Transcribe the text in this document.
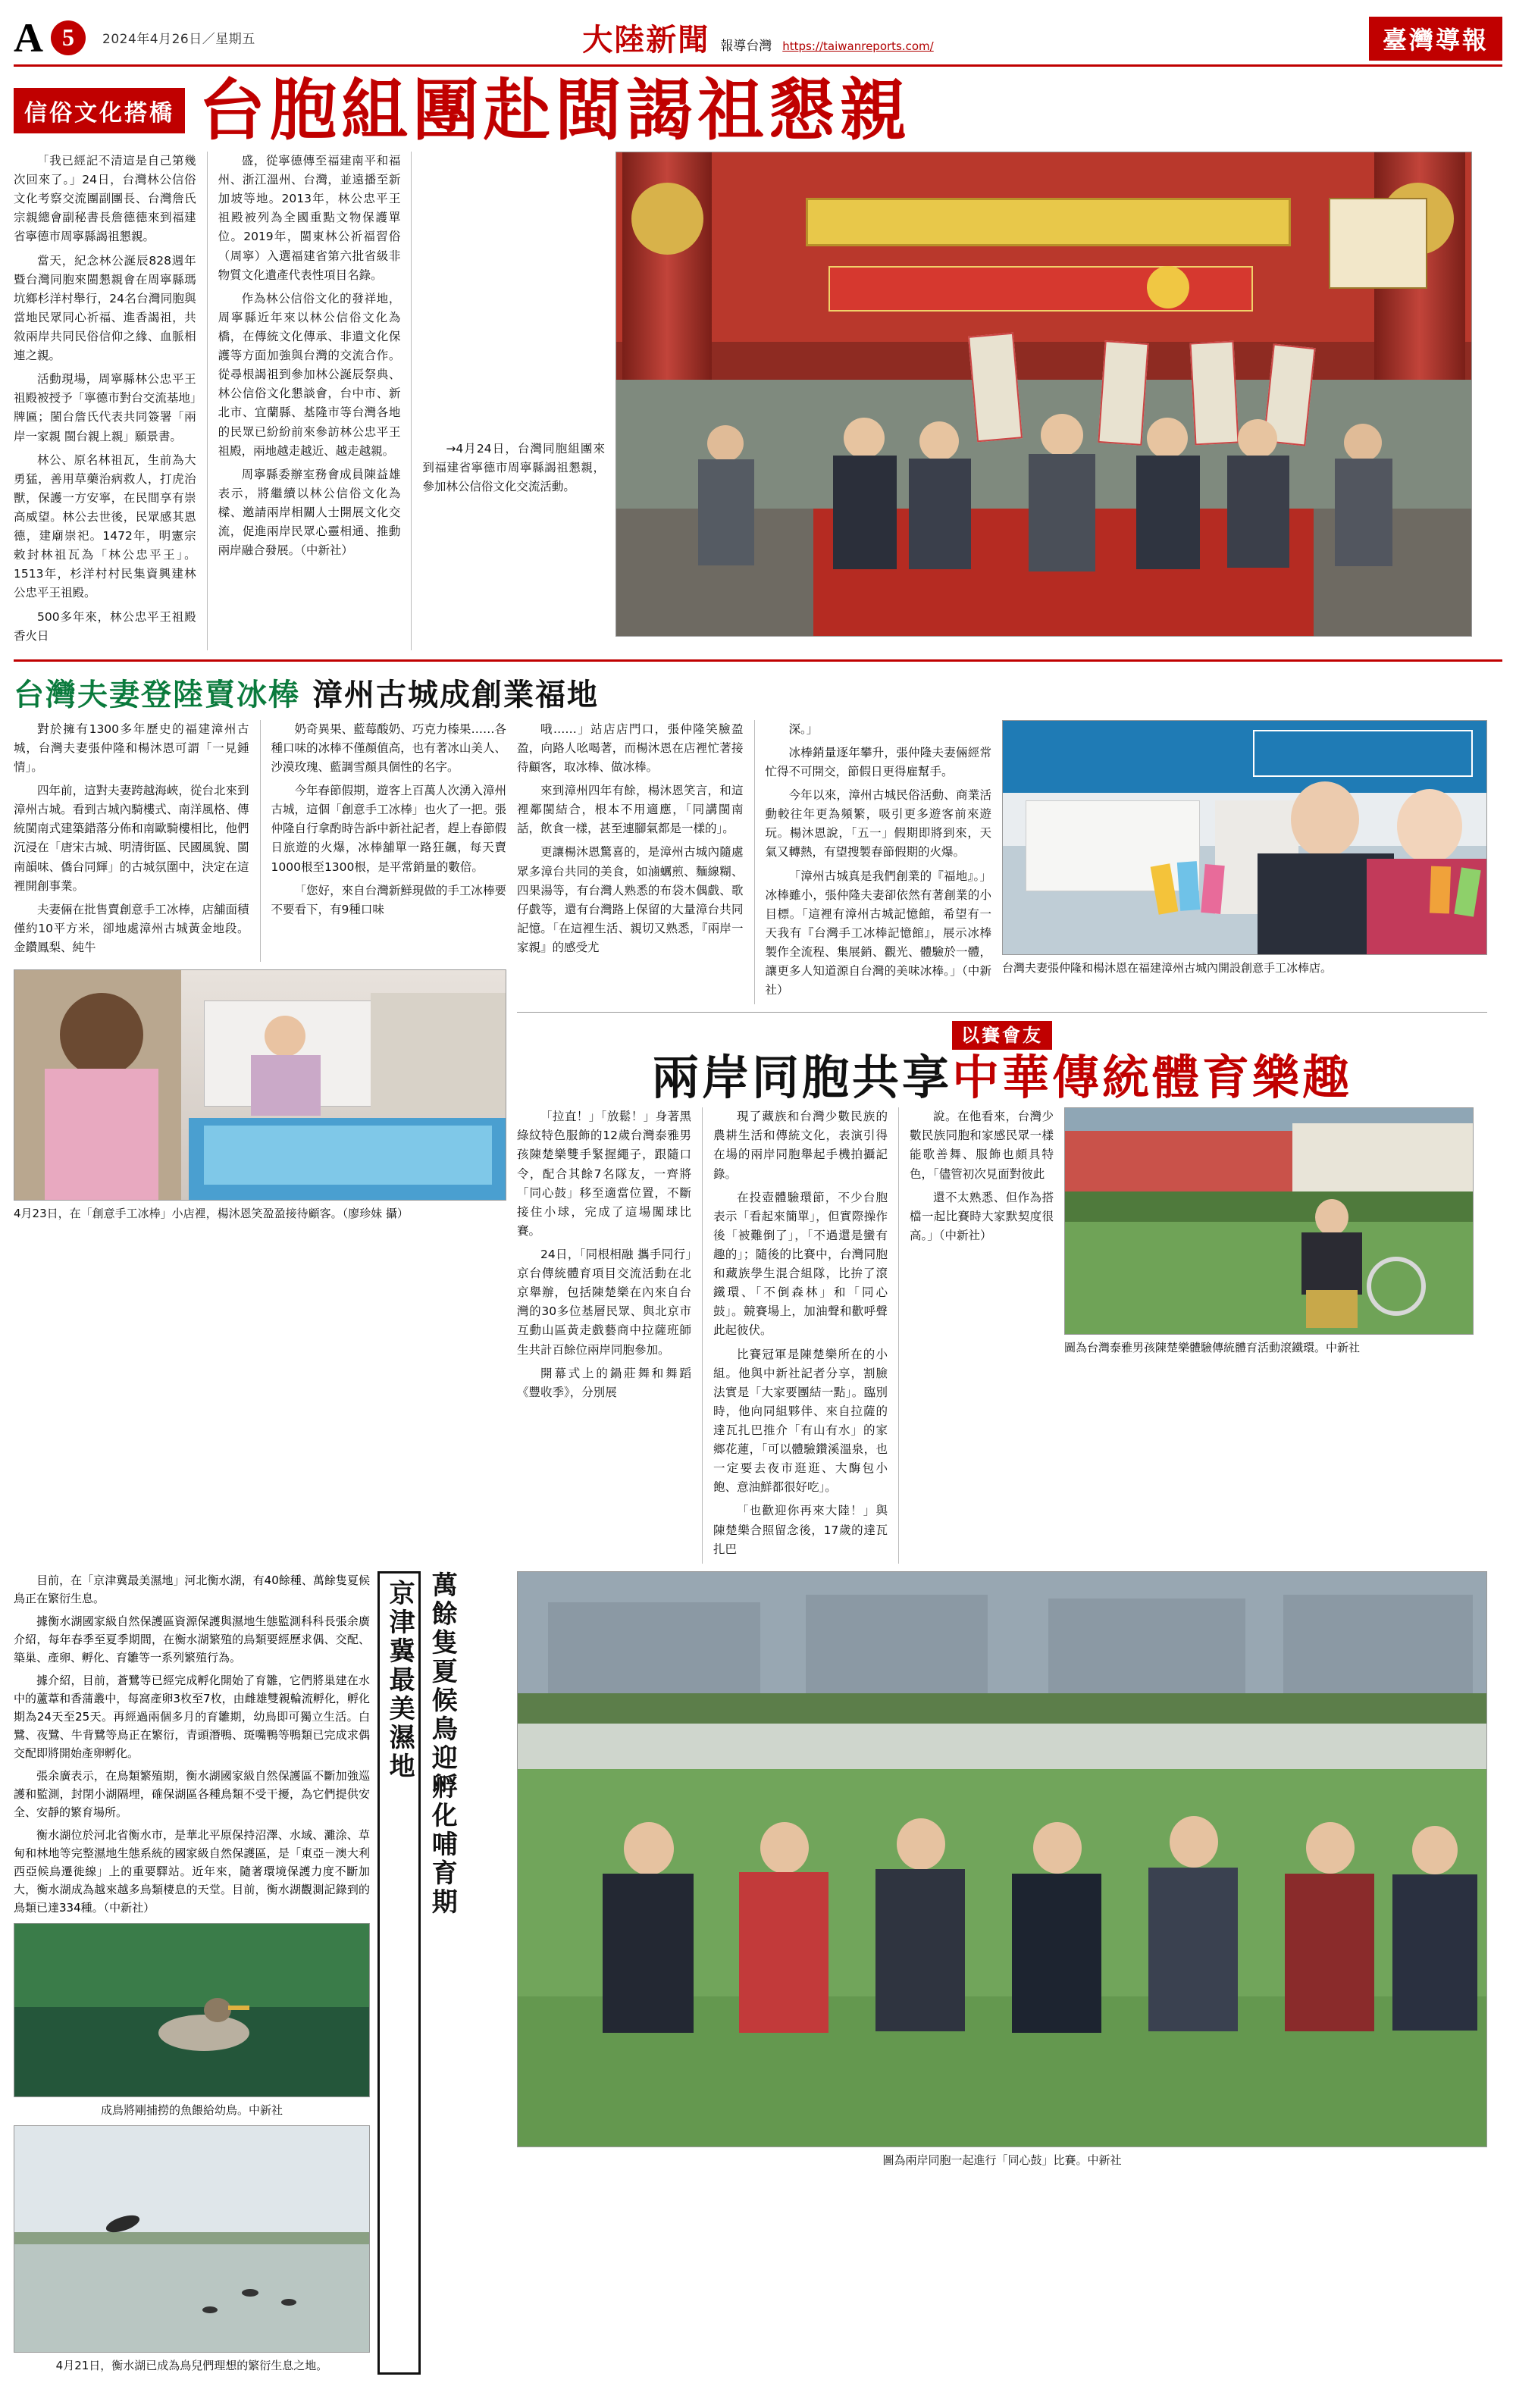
A 5	2024年4月26日／星期五	大陸新聞 報導台灣 https://taiwanreports.com/	臺灣導報
信俗文化搭橋 台胞組團赴閩謁祖懇親

「我已經記不清這是自己第幾次回來了。」24日，台灣林公信俗文化考察交流團副團長、台灣詹氏宗親總會副秘書長詹德德來到福建省寧德市周寧縣謁祖懇親。

當天，紀念林公誕辰828週年暨台灣同胞來閩懇親會在周寧縣瑪坑鄉杉洋村舉行，24名台灣同胞與當地民眾同心祈福、進香謁祖，共敘兩岸共同民俗信仰之緣、血脈相連之親。

活動現場，周寧縣林公忠平王祖殿被授予「寧德市對台交流基地」牌匾；閩台詹氏代表共同簽署「兩岸一家親 閩台親上親」願景書。

林公、原名林祖瓦，生前為大勇猛，善用草藥治病救人，打虎治獸，保護一方安寧，在民間享有崇高威望。林公去世後，民眾感其恩德，建廟崇祀。1472年，明憲宗敕封林祖瓦為「林公忠平王」。1513年，杉洋村村民集資興建林公忠平王祖殿。

500多年來，林公忠平王祖殿香火日

盛，從寧德傳至福建南平和福州、浙江溫州、台灣，並遠播至新加坡等地。2013年，林公忠平王祖殿被列為全國重點文物保護單位。2019年，閩東林公祈福習俗（周寧）入選福建省第六批省級非物質文化遺產代表性項目名錄。

作為林公信俗文化的發祥地，周寧縣近年來以林公信俗文化為橋，在傳統文化傳承、非遺文化保護等方面加強與台灣的交流合作。從尋根謁祖到參加林公誕辰祭典、林公信俗文化懇談會，台中市、新北市、宜蘭縣、基隆市等台灣各地的民眾已紛紛前來參訪林公忠平王祖殿，兩地越走越近、越走越親。

周寧縣委辦室務會成員陳益雄表示，將繼續以林公信俗文化為樑、邀請兩岸相關人士開展文化交流，促進兩岸民眾心靈相通、推動兩岸融合發展。（中新社）

→4月24日，台灣同胞組團來到福建省寧德市周寧縣謁祖懇親，參加林公信俗文化交流活動。

台灣夫妻登陸賣冰棒 漳州古城成創業福地

對於擁有1300多年歷史的福建漳州古城，台灣夫妻張仲隆和楊沐恩可謂「一見鍾情」。

四年前，這對夫妻跨越海峽，從台北來到漳州古城。看到古城內騎樓式、南洋風格、傳統閩南式建築錯落分佈和南歐騎樓相比，他們沉浸在「唐宋古城、明清街區、民國風貌、閩南韻味、僑台同輝」的古城氛圍中，決定在這裡開創事業。

夫妻倆在批售賣創意手工冰棒，店舖面積僅約10平方米，卻地處漳州古城黃金地段。金鑽鳳梨、純牛

奶奇異果、藍莓酸奶、巧克力榛果……各種口味的冰棒不僅顏值高，也有著冰山美人、沙漠玫瑰、藍調雪顏具個性的名字。

今年春節假期，遊客上百萬人次湧入漳州古城，這個「創意手工冰棒」也火了一把。張仲隆自行拿酌時告訴中新社記者，趕上春節假日旅遊的火爆，冰棒舖單一路狂飆，每天賣1000根至1300根，是平常銷量的數倍。

「您好，來自台灣新鮮現做的手工冰棒要不要看下，有9種口味

4月23日，在「創意手工冰棒」小店裡，楊沐恩笑盈盈接待顧客。（廖珍妹 攝）

哦……」站店店門口，張仲隆笑臉盈盈，向路人吆喝著，而楊沐恩在店裡忙著接待顧客，取冰棒、做冰棒。

來到漳州四年有餘，楊沐恩笑言，和這裡鄰閩結合，根本不用適應，「同講閩南話，飲食一樣，甚至連腳氣都是一樣的」。

更讓楊沐恩驚喜的，是漳州古城內隨處眾多漳台共同的美食，如滷蠣煎、麵線糊、四果湯等，有台灣人熟悉的布袋木偶戲、歌仔戲等，還有台灣路上保留的大量漳台共同記憶。「在這裡生活、親切又熟悉，『兩岸一家親』的感受尤

深。」

冰棒銷量逐年攀升，張仲隆夫妻倆經常忙得不可開交，節假日更得雇幫手。

今年以來，漳州古城民俗活動、商業活動較往年更為頻繁，吸引更多遊客前來遊玩。楊沐恩說，「五一」假期即將到來，天氣又轉熱，有望搜製春節假期的火爆。

「漳州古城真是我們創業的『福地』。」冰棒雖小，張仲隆夫妻卻依然有著創業的小目標。「這裡有漳州古城記憶館，希望有一天我有『台灣手工冰棒記憶館』，展示冰棒製作全流程、集展銷、觀光、體驗於一體，讓更多人知道源自台灣的美味冰棒。」（中新社）

台灣夫妻張仲隆和楊沐恩在福建漳州古城內開設創意手工冰棒店。
以賽會友
兩岸同胞共享中華傳統體育樂趣

「拉直！」「放鬆！」身著黑綠紋特色服飾的12歲台灣泰雅男孩陳楚樂雙手緊握繩子，跟隨口令，配合其餘7名隊友，一齊將「同心鼓」移至適當位置，不斷接住小球，完成了這場闖球比賽。

24日，「同根相融 攜手同行」京台傳統體育項目交流活動在北京舉辦，包括陳楚樂在內來自台灣的30多位基層民眾、與北京市互動山區黃走戲藝商中拉薩班師生共計百餘位兩岸同胞參加。

開幕式上的鍋莊舞和舞蹈《豐收季》，分別展

現了藏族和台灣少數民族的農耕生活和傳統文化，表演引得在場的兩岸同胞舉起手機拍攝記錄。

在投壺體驗環節，不少台胞表示「看起來簡單」，但實際操作後「被難倒了」，「不過還是蠻有趣的」；隨後的比賽中，台灣同胞和藏族學生混合組隊，比拚了滾鐵環、「不倒森林」和「同心鼓」。競賽場上，加油聲和歡呼聲此起彼伏。

比賽冠軍是陳楚樂所在的小組。他與中新社記者分享，割臉法實是「大家要團結一點」。臨別時，他向同組夥伴、來自拉薩的達瓦扎巴推介「有山有水」的家鄉花蓮，「可以體驗鑽溪溫泉，也一定要去夜市逛逛、大酶包小飽、意油鮮都很好吃」。

「也歡迎你再來大陸！」與陳楚樂合照留念後，17歲的達瓦扎巴

說。在他看來，台灣少數民族同胞和家感民眾一樣能歌善舞、服飾也頗具特色，「儘管初次見面對彼此

還不太熟悉、但作為搭檔一起比賽時大家默契度很高。」（中新社）

圖為台灣泰雅男孩陳楚樂體驗傳統體育活動滾鐵環。中新社
京津冀最美濕地 萬餘隻夏候鳥迎孵化哺育期

目前，在「京津冀最美濕地」河北衡水湖，有40餘種、萬餘隻夏候鳥正在繁衍生息。

據衡水湖國家級自然保護區資源保護與濕地生態監測科科長張余廣介紹，每年春季至夏季期間，在衡水湖繁殖的鳥類要經歷求偶、交配、築巢、產卵、孵化、育雛等一系列繁殖行為。

據介紹，目前，蒼鷺等已經完成孵化開始了育雛，它們將巢建在水中的蘆葦和香蒲叢中，每窩產卵3枚至7枚，由雌雄雙親輪流孵化，孵化期為24天至25天。再經過兩個多月的育雛期，幼鳥即可獨立生活。白鷺、夜鷺、牛背鷺等鳥正在繁衍，青頭潛鴨、斑嘴鴨等鴨類已完成求偶交配即將開始產卵孵化。

張余廣表示，在鳥類繁殖期，衡水湖國家級自然保護區不斷加強巡護和監測，封閉小湖隔埋，確保湖區各種鳥類不受干擾，為它們提供安全、安靜的繁育場所。

衡水湖位於河北省衡水市，是華北平原保持沼澤、水域、灘涂、草甸和林地等完整濕地生態系統的國家級自然保護區，是「東亞－澳大利西亞候鳥遷徙線」上的重要驛站。近年來，隨著環境保護力度不斷加大，衡水湖成為越來越多鳥類棲息的天堂。目前，衡水湖觀測記錄到的鳥類已達334種。（中新社）

成鳥將剛捕撈的魚餵給幼鳥。中新社
4月21日，衡水湖已成為鳥兒們理想的繁衍生息之地。
圖為兩岸同胞一起進行「同心鼓」比賽。中新社
